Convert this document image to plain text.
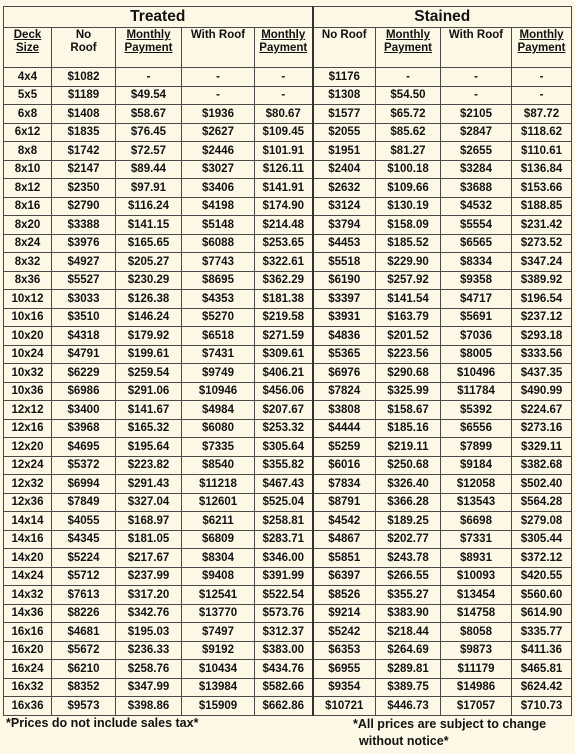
Treated					Stained			
Deck Size	No Roof	Monthly Payment	With Roof	Monthly Payment	No Roof	Monthly Payment	With Roof	Monthly Payment
4x4	$1082	-	-	-	$1176	-	-	-
5x5	$1189	$49.54	-	-	$1308	$54.50	-	-
6x8	$1408	$58.67	$1936	$80.67	$1577	$65.72	$2105	$87.72
6x12	$1835	$76.45	$2627	$109.45	$2055	$85.62	$2847	$118.62
8x8	$1742	$72.57	$2446	$101.91	$1951	$81.27	$2655	$110.61
8x10	$2147	$89.44	$3027	$126.11	$2404	$100.18	$3284	$136.84
8x12	$2350	$97.91	$3406	$141.91	$2632	$109.66	$3688	$153.66
8x16	$2790	$116.24	$4198	$174.90	$3124	$130.19	$4532	$188.85
8x20	$3388	$141.15	$5148	$214.48	$3794	$158.09	$5554	$231.42
8x24	$3976	$165.65	$6088	$253.65	$4453	$185.52	$6565	$273.52
8x32	$4927	$205.27	$7743	$322.61	$5518	$229.90	$8334	$347.24
8x36	$5527	$230.29	$8695	$362.29	$6190	$257.92	$9358	$389.92
10x12	$3033	$126.38	$4353	$181.38	$3397	$141.54	$4717	$196.54
10x16	$3510	$146.24	$5270	$219.58	$3931	$163.79	$5691	$237.12
10x20	$4318	$179.92	$6518	$271.59	$4836	$201.52	$7036	$293.18
10x24	$4791	$199.61	$7431	$309.61	$5365	$223.56	$8005	$333.56
10x32	$6229	$259.54	$9749	$406.21	$6976	$290.68	$10496	$437.35
10x36	$6986	$291.06	$10946	$456.06	$7824	$325.99	$11784	$490.99
12x12	$3400	$141.67	$4984	$207.67	$3808	$158.67	$5392	$224.67
12x16	$3968	$165.32	$6080	$253.32	$4444	$185.16	$6556	$273.16
12x20	$4695	$195.64	$7335	$305.64	$5259	$219.11	$7899	$329.11
12x24	$5372	$223.82	$8540	$355.82	$6016	$250.68	$9184	$382.68
12x32	$6994	$291.43	$11218	$467.43	$7834	$326.40	$12058	$502.40
12x36	$7849	$327.04	$12601	$525.04	$8791	$366.28	$13543	$564.28
14x14	$4055	$168.97	$6211	$258.81	$4542	$189.25	$6698	$279.08
14x16	$4345	$181.05	$6809	$283.71	$4867	$202.77	$7331	$305.44
14x20	$5224	$217.67	$8304	$346.00	$5851	$243.78	$8931	$372.12
14x24	$5712	$237.99	$9408	$391.99	$6397	$266.55	$10093	$420.55
14x32	$7613	$317.20	$12541	$522.54	$8526	$355.27	$13454	$560.60
14x36	$8226	$342.76	$13770	$573.76	$9214	$383.90	$14758	$614.90
16x16	$4681	$195.03	$7497	$312.37	$5242	$218.44	$8058	$335.77
16x20	$5672	$236.33	$9192	$383.00	$6353	$264.69	$9873	$411.36
16x24	$6210	$258.76	$10434	$434.76	$6955	$289.81	$11179	$465.81
16x32	$8352	$347.99	$13984	$582.66	$9354	$389.75	$14986	$624.42
16x36	$9573	$398.86	$15909	$662.86	$10721	$446.73	$17057	$710.73
*Prices do not include sales tax*	*All prices are subject to change
without notice*
